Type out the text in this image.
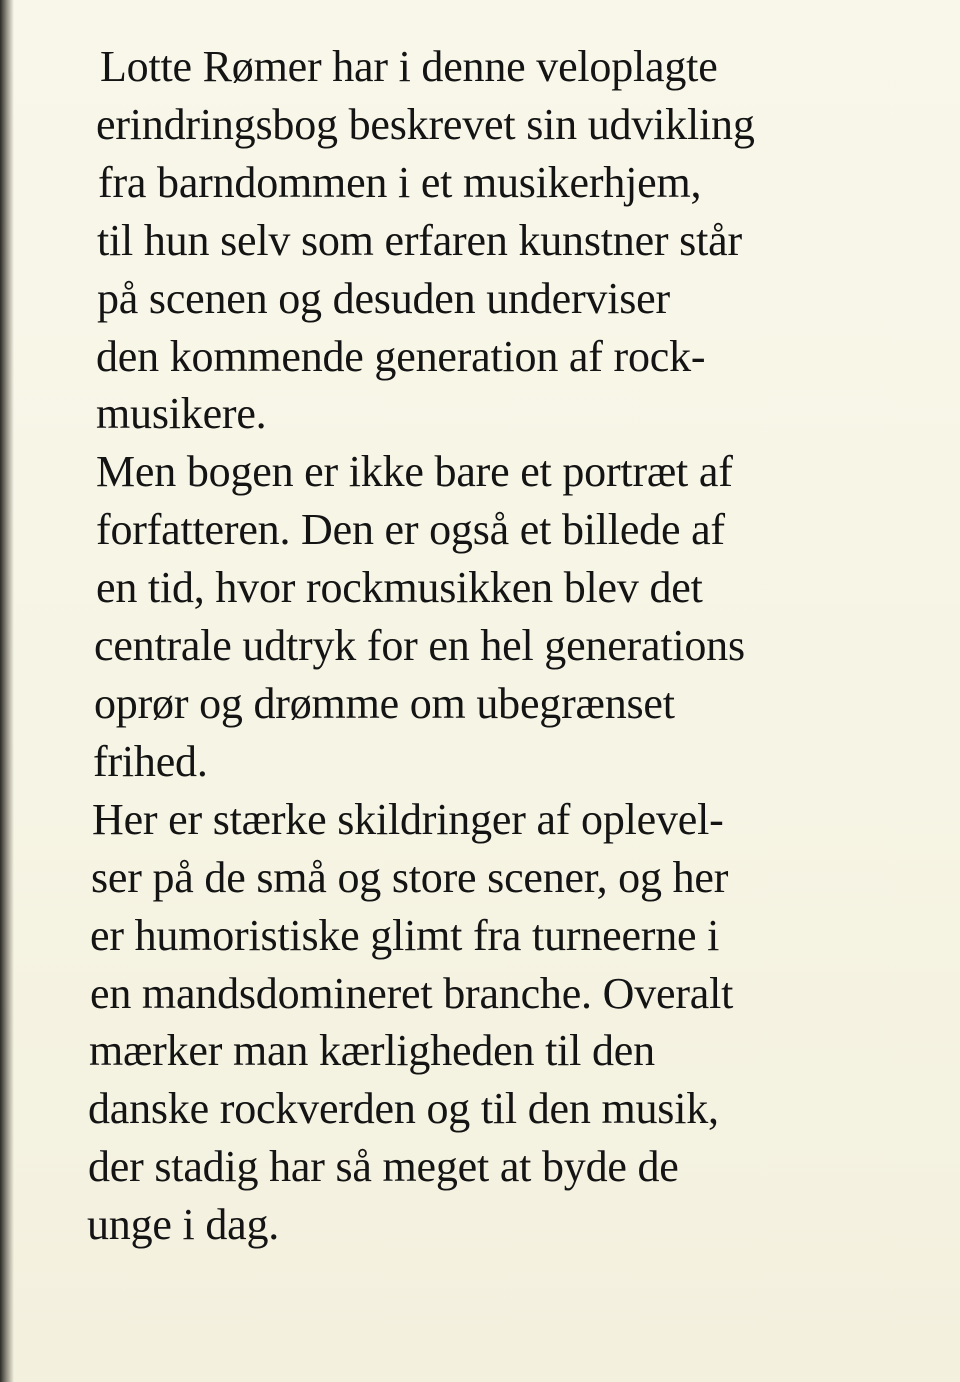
Lotte Rømer har i denne veloplagte
erindringsbog beskrevet sin udvikling
fra barndommen i et musikerhjem,
til hun selv som erfaren kunstner står
på scenen og desuden underviser
den kommende generation af rock-
musikere.
Men bogen er ikke bare et portræt af
forfatteren. Den er også et billede af
en tid, hvor rockmusikken blev det
centrale udtryk for en hel generations
oprør og drømme om ubegrænset
frihed.
Her er stærke skildringer af oplevel-
ser på de små og store scener, og her
er humoristiske glimt fra turneerne i
en mandsdomineret branche. Overalt
mærker man kærligheden til den
danske rockverden og til den musik,
der stadig har så meget at byde de
unge i dag.
